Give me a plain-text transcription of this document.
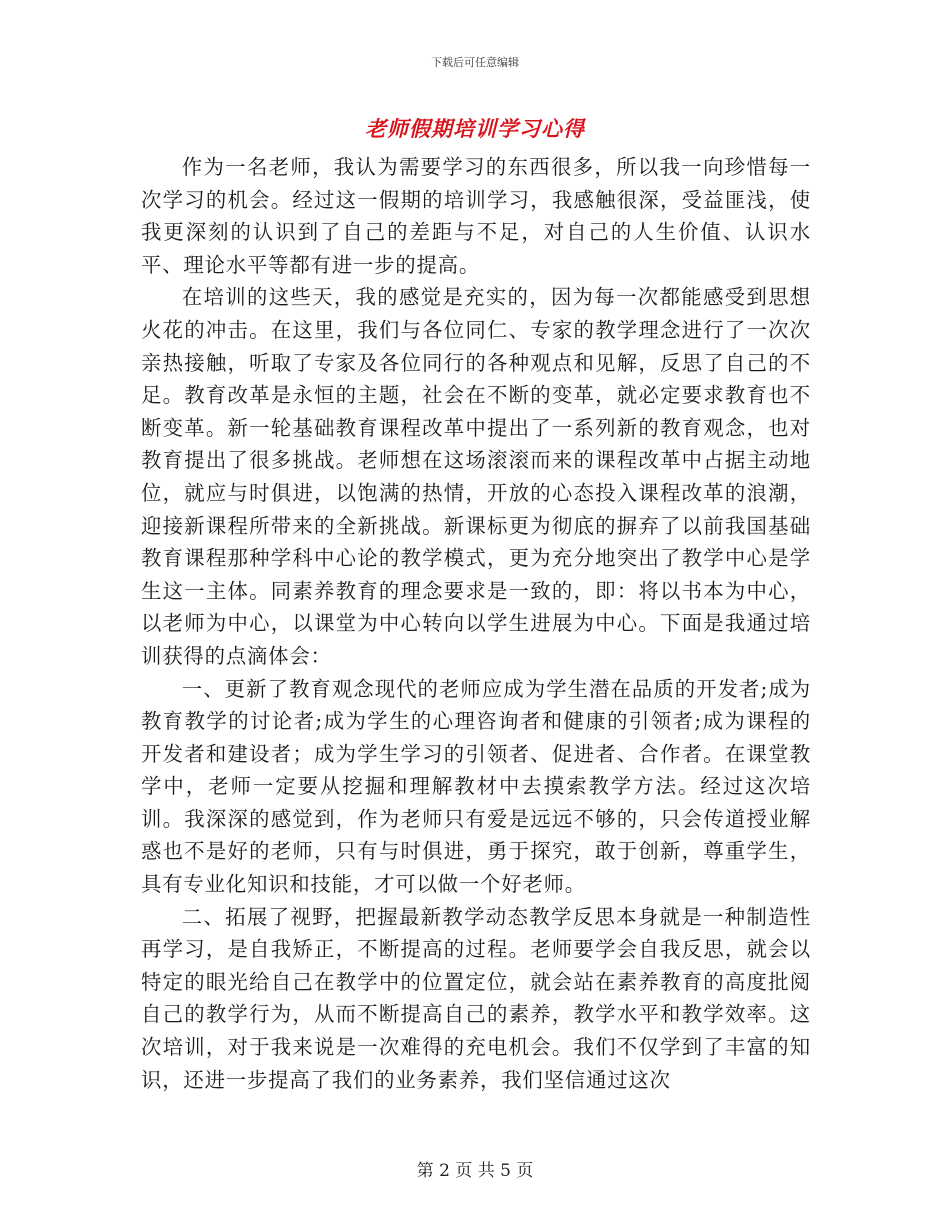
下载后可任意编辑
老师假期培训学习心得

作为一名老师，我认为需要学习的东西很多，所以我一向珍惜每一次学习的机会。经过这一假期的培训学习，我感触很深，受益匪浅，使我更深刻的认识到了自己的差距与不足，对自己的人生价值、认识水平、理论水平等都有进一步的提高。

在培训的这些天，我的感觉是充实的，因为每一次都能感受到思想火花的冲击。在这里，我们与各位同仁、专家的教学理念进行了一次次亲热接触，听取了专家及各位同行的各种观点和见解，反思了自己的不足。教育改革是永恒的主题，社会在不断的变革，就必定要求教育也不断变革。新一轮基础教育课程改革中提出了一系列新的教育观念，也对教育提出了很多挑战。老师想在这场滚滚而来的课程改革中占据主动地位，就应与时俱进，以饱满的热情，开放的心态投入课程改革的浪潮，迎接新课程所带来的全新挑战。新课标更为彻底的摒弃了以前我国基础教育课程那种学科中心论的教学模式，更为充分地突出了教学中心是学生这一主体。同素养教育的理念要求是一致的，即：将以书本为中心，以老师为中心，以课堂为中心转向以学生进展为中心。下面是我通过培训获得的点滴体会：

一、更新了教育观念现代的老师应成为学生潜在品质的开发者;成为教育教学的讨论者;成为学生的心理咨询者和健康的引领者;成为课程的开发者和建设者；成为学生学习的引领者、促进者、合作者。在课堂教学中，老师一定要从挖掘和理解教材中去摸索教学方法。经过这次培训。我深深的感觉到，作为老师只有爱是远远不够的，只会传道授业解惑也不是好的老师，只有与时俱进，勇于探究，敢于创新，尊重学生，具有专业化知识和技能，才可以做一个好老师。

二、拓展了视野，把握最新教学动态教学反思本身就是一种制造性再学习，是自我矫正，不断提高的过程。老师要学会自我反思，就会以特定的眼光给自己在教学中的位置定位，就会站在素养教育的高度批阅自己的教学行为，从而不断提高自己的素养，教学水平和教学效率。这次培训，对于我来说是一次难得的充电机会。我们不仅学到了丰富的知识，还进一步提高了我们的业务素养，我们坚信通过这次

第 2 页 共 5 页
